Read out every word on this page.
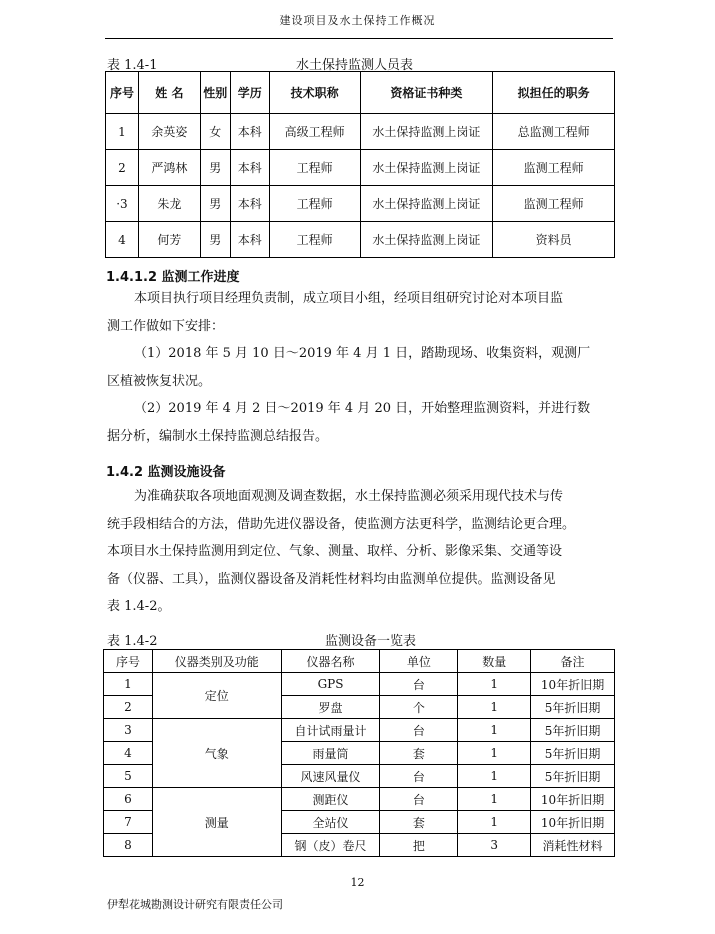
建设项目及水土保持工作概况
表 1.4-1	水土保持监测人员表
序号	姓 名	性别	学历	技术职称	资格证书种类	拟担任的职务
1	余英姿	女	本科	高级工程师	水土保持监测上岗证	总监测工程师
2	严鸿林	男	本科	工程师	水土保持监测上岗证	监测工程师
·3	朱龙	男	本科	工程师	水土保持监测上岗证	监测工程师
4	何芳	男	本科	工程师	水土保持监测上岗证	资料员
1.4.1.2 监测工作进度
本项目执行项目经理负责制，成立项目小组，经项目组研究讨论对本项目监
测工作做如下安排：
（1）2018 年 5 月 10 日～2019 年 4 月 1 日，踏勘现场、收集资料，观测厂
区植被恢复状况。
（2）2019 年 4 月 2 日～2019 年 4 月 20 日，开始整理监测资料，并进行数
据分析，编制水土保持监测总结报告。
1.4.2 监测设施设备
为准确获取各项地面观测及调查数据，水土保持监测必须采用现代技术与传
统手段相结合的方法，借助先进仪器设备，使监测方法更科学，监测结论更合理。
本项目水土保持监测用到定位、气象、测量、取样、分析、影像采集、交通等设
备（仪器、工具），监测仪器设备及消耗性材料均由监测单位提供。监测设备见
表 1.4-2。
表 1.4-2	监测设备一览表
序号	仪器类别及功能	仪器名称	单位	数量	备注
1	定位	GPS	台	1	10年折旧期
2		罗盘	个	1	5年折旧期
3	气象	自计试雨量计	台	1	5年折旧期
4		雨量筒	套	1	5年折旧期
5		风速风量仪	台	1	5年折旧期
6	测量	测距仪	台	1	10年折旧期
7		全站仪	套	1	10年折旧期
8		钢（皮）卷尺	把	3	消耗性材料
12
伊犁花城勘测设计研究有限责任公司
